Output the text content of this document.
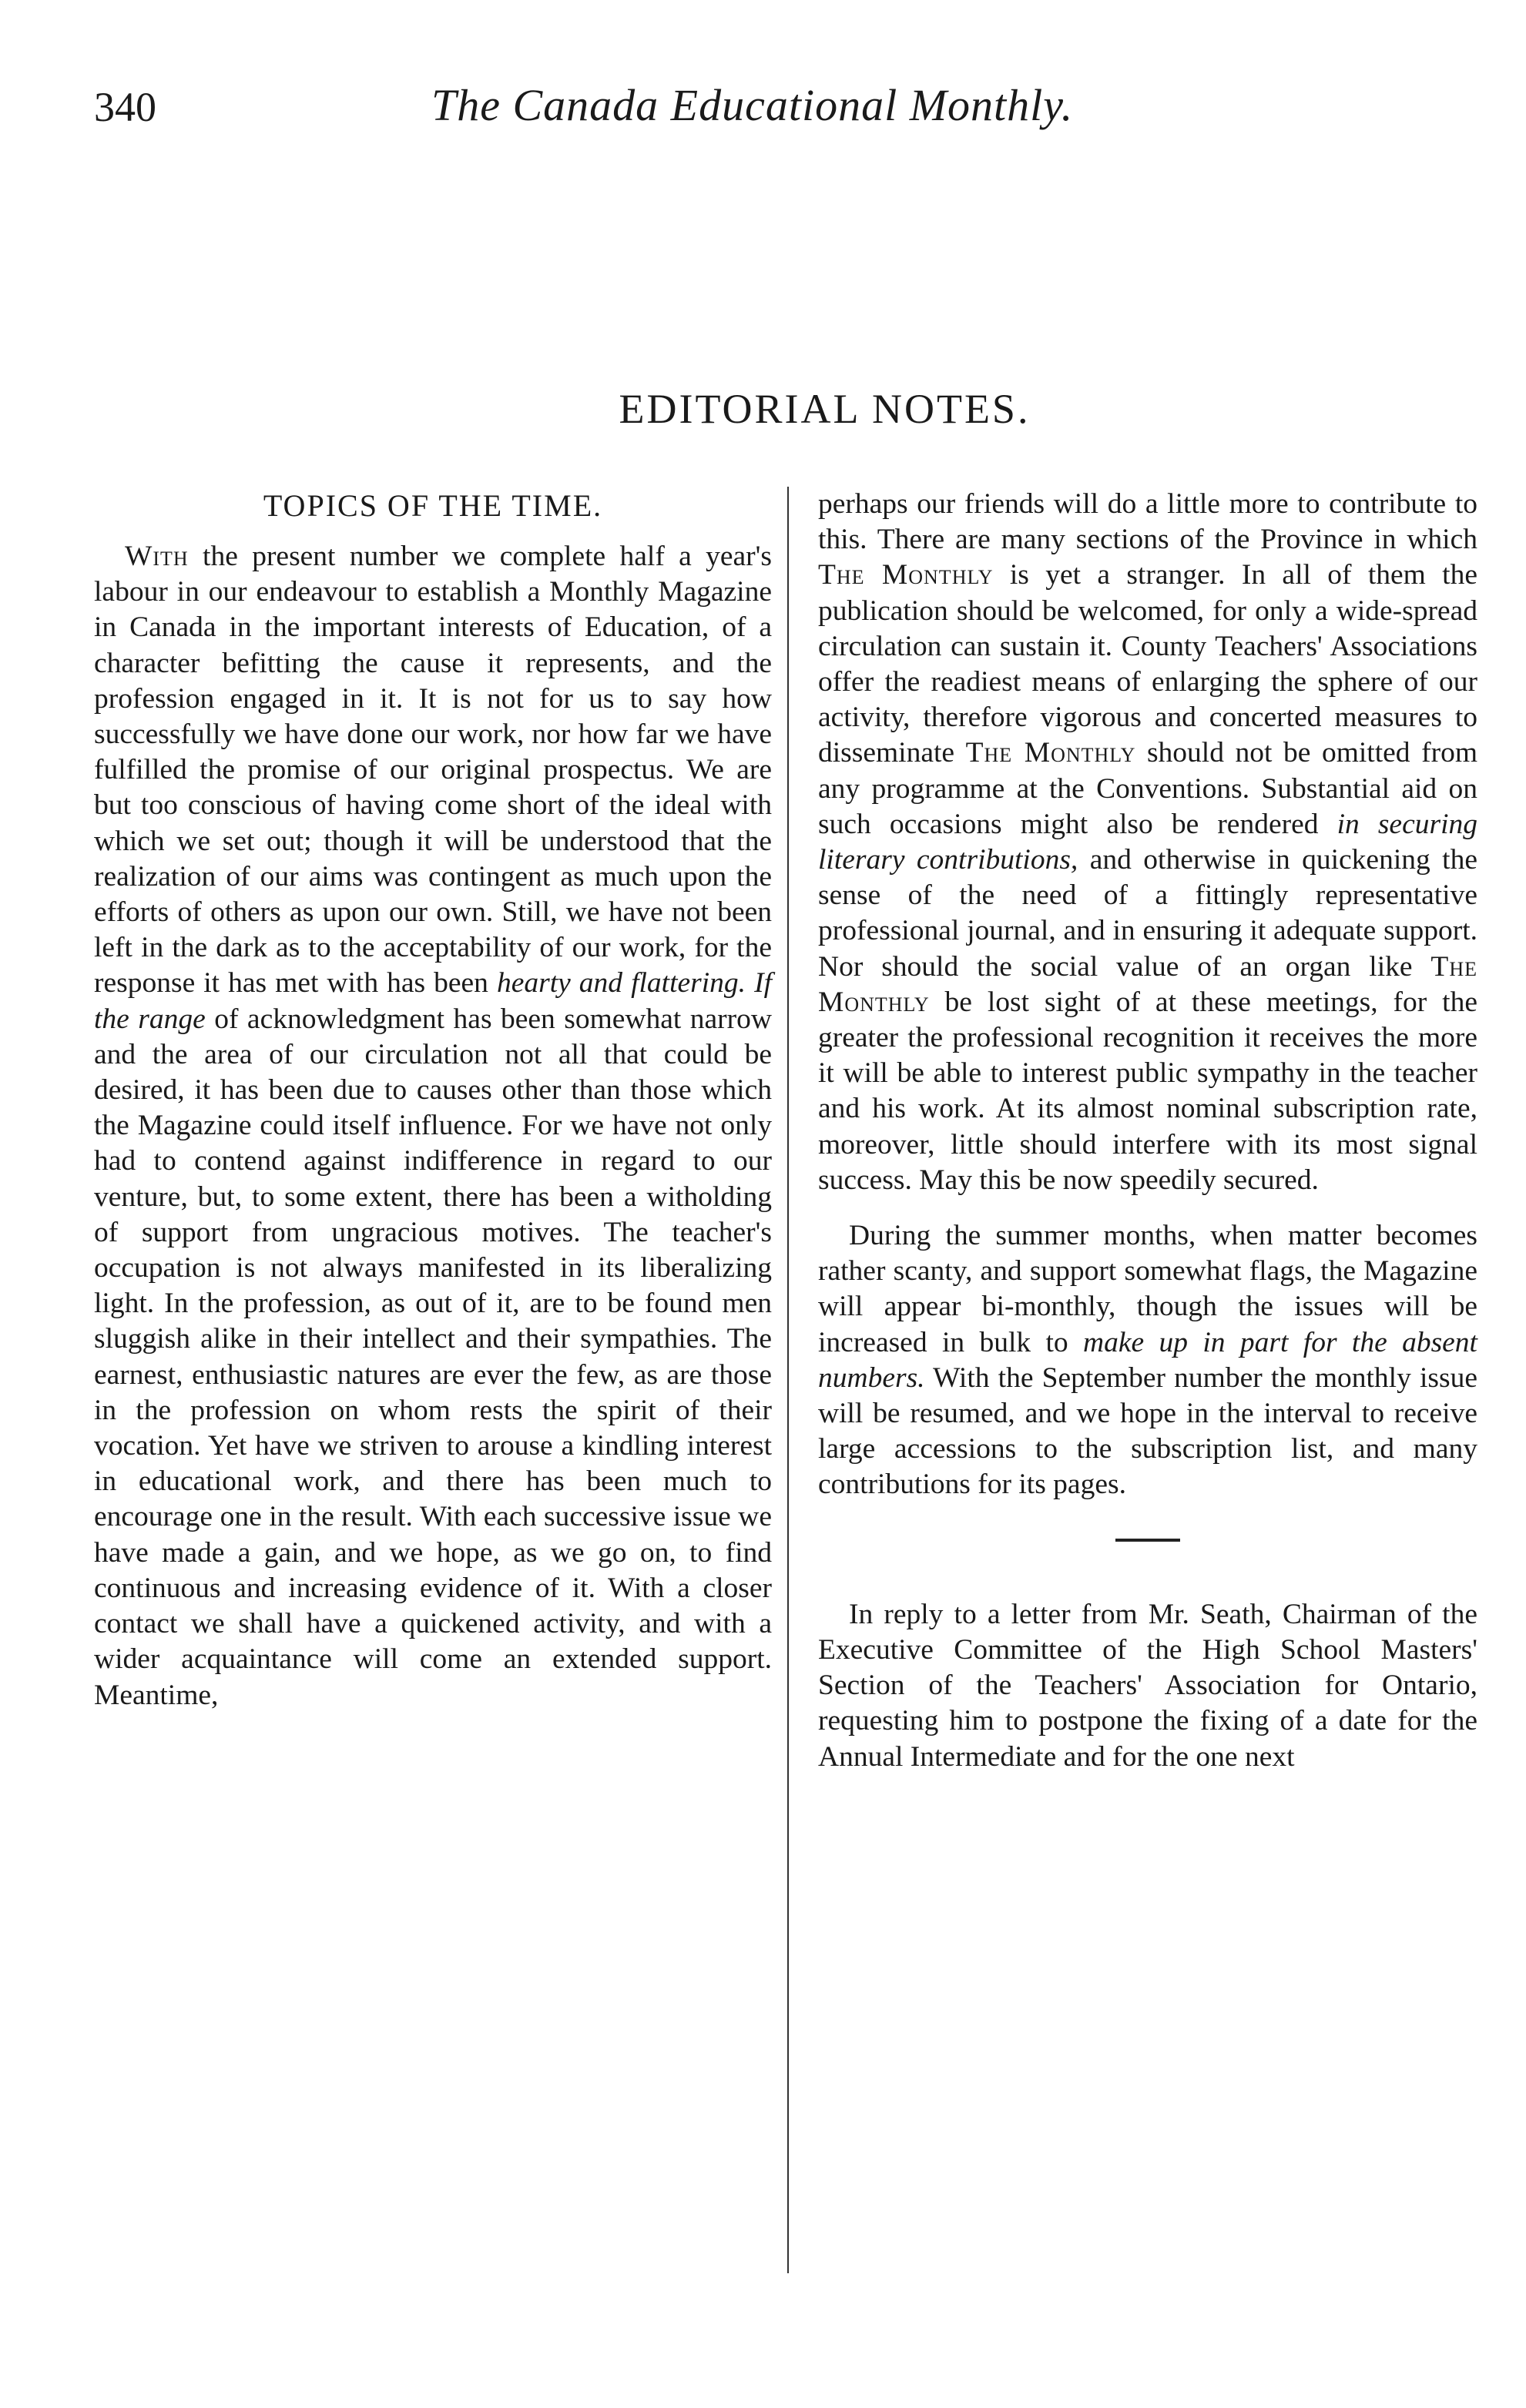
340	The Canada Educational Monthly.
EDITORIAL NOTES.
TOPICS OF THE TIME.

With the present number we complete half a year's labour in our endeavour to establish a Monthly Magazine in Canada in the important interests of Education, of a character befitting the cause it represents, and the profession engaged in it. It is not for us to say how successfully we have done our work, nor how far we have fulfilled the promise of our original prospectus. We are but too conscious of having come short of the ideal with which we set out; though it will be understood that the realization of our aims was contingent as much upon the efforts of others as upon our own. Still, we have not been left in the dark as to the acceptability of our work, for the response it has met with has been hearty and flattering. If the range of acknowledgment has been somewhat narrow and the area of our circulation not all that could be desired, it has been due to causes other than those which the Magazine could itself influence. For we have not only had to contend against indifference in regard to our venture, but, to some extent, there has been a witholding of support from ungracious motives. The teacher's occupation is not always manifested in its liberalizing light. In the profession, as out of it, are to be found men sluggish alike in their intellect and their sympathies. The earnest, enthusiastic natures are ever the few, as are those in the profession on whom rests the spirit of their vocation. Yet have we striven to arouse a kindling interest in educational work, and there has been much to encourage one in the result. With each successive issue we have made a gain, and we hope, as we go on, to find continuous and increasing evidence of it. With a closer contact we shall have a quickened activity, and with a wider acquaintance will come an extended support. Meantime,

perhaps our friends will do a little more to contribute to this. There are many sections of the Province in which The Monthly is yet a stranger. In all of them the publication should be welcomed, for only a wide-spread circulation can sustain it. County Teachers' Associations offer the readiest means of enlarging the sphere of our activity, therefore vigorous and concerted measures to disseminate The Monthly should not be omitted from any programme at the Conventions. Substantial aid on such occasions might also be rendered in securing literary contributions, and otherwise in quickening the sense of the need of a fittingly representative professional journal, and in ensuring it adequate support. Nor should the social value of an organ like The Monthly be lost sight of at these meetings, for the greater the professional recognition it receives the more it will be able to interest public sympathy in the teacher and his work. At its almost nominal subscription rate, moreover, little should interfere with its most signal success. May this be now speedily secured.

During the summer months, when matter becomes rather scanty, and support somewhat flags, the Magazine will appear bi-monthly, though the issues will be increased in bulk to make up in part for the absent numbers. With the September number the monthly issue will be resumed, and we hope in the interval to receive large accessions to the subscription list, and many contributions for its pages.

In reply to a letter from Mr. Seath, Chairman of the Executive Committee of the High School Masters' Section of the Teachers' Association for Ontario, requesting him to postpone the fixing of a date for the Annual Intermediate and for the one next
